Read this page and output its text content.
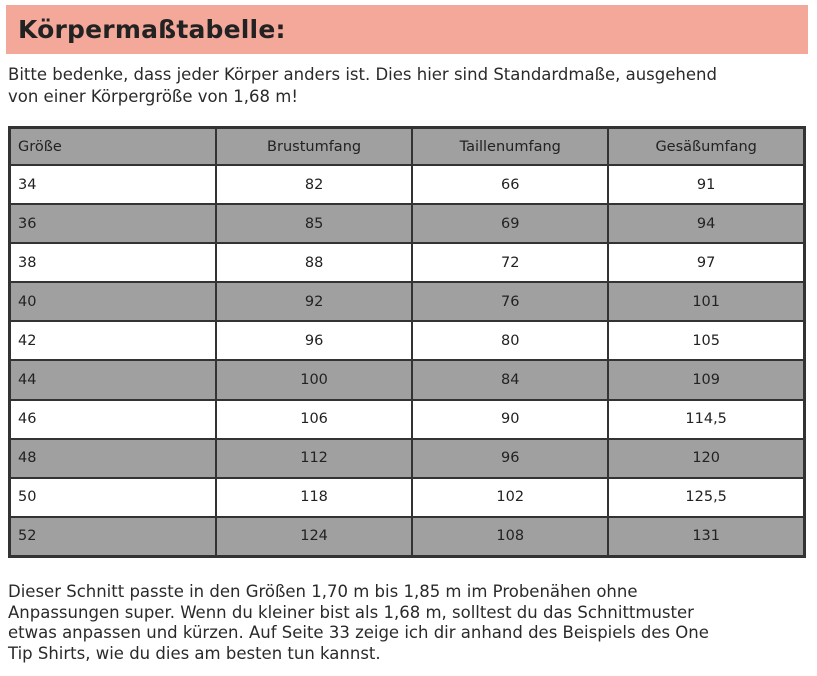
Körpermaßtabelle:
Bitte bedenke, dass jeder Körper anders ist. Dies hier sind Standardmaße, ausgehend
von einer Körpergröße von 1,68 m!
Größe	Brustumfang	Taillenumfang	Gesäßumfang
34	82	66	91
36	85	69	94
38	88	72	97
40	92	76	101
42	96	80	105
44	100	84	109
46	106	90	114,5
48	112	96	120
50	118	102	125,5
52	124	108	131
Dieser Schnitt passte in den Größen 1,70 m bis 1,85 m im Probenähen ohne
Anpassungen super. Wenn du kleiner bist als 1,68 m, solltest du das Schnittmuster
etwas anpassen und kürzen. Auf Seite 33 zeige ich dir anhand des Beispiels des One
Tip Shirts, wie du dies am besten tun kannst.
